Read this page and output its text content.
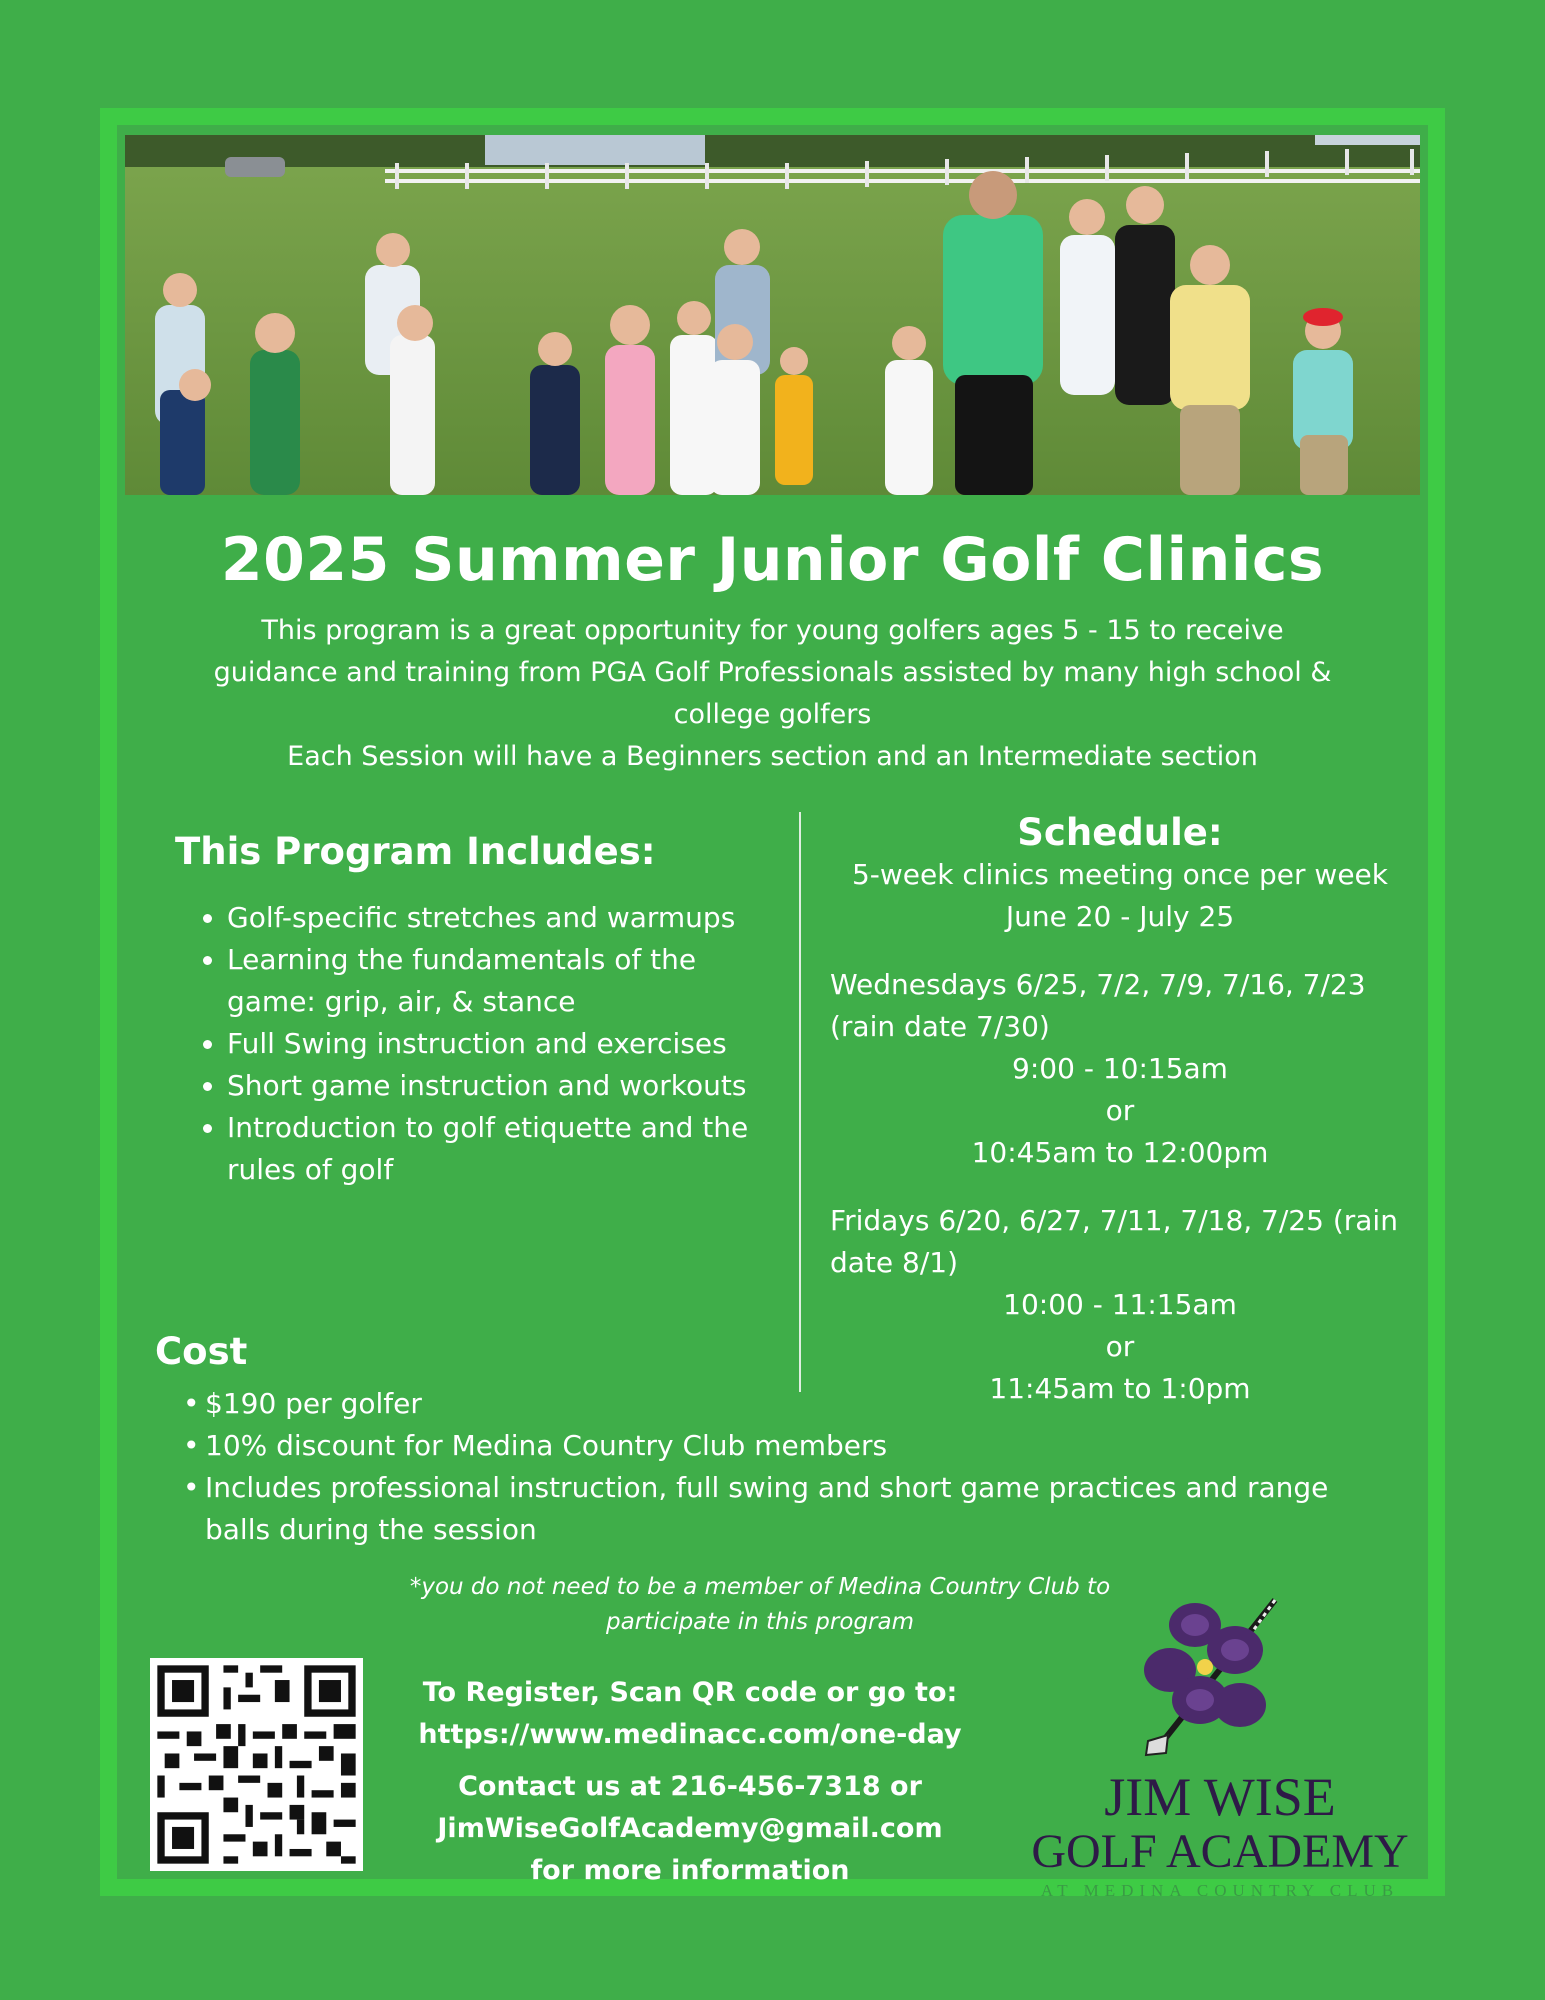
2025 Summer Junior Golf Clinics

This program is a great opportunity for young golfers ages 5 - 15 to receive

guidance and training from PGA Golf Professionals assisted by many high school &

college golfers

Each Session will have a Beginners section and an Intermediate section

This Program Includes:
• Golf-specific stretches and warmups
• Learning the fundamentals of the game: grip, air, & stance
• Full Swing instruction and exercises
• Short game instruction and workouts
• Introduction to golf etiquette and the rules of golf
Schedule:
5-week clinics meeting once per week
June 20 - July 25
Wednesdays 6/25, 7/2, 7/9, 7/16, 7/23 (rain date 7/30)
9:00 - 10:15am
or
10:45am to 12:00pm
Fridays 6/20, 6/27, 7/11, 7/18, 7/25 (rain date 8/1)
10:00 - 11:15am
or
11:45am to 1:0pm
Cost
• $190 per golfer
• 10% discount for Medina Country Club members
• Includes professional instruction, full swing and short game practices and range balls during the session
*you do not need to be a member of Medina Country Club to
participate in this program

To Register, Scan QR code or go to:

https://www.medinacc.com/one-day

Contact us at 216-456-7318 or

JimWiseGolfAcademy@gmail.com

for more information

JIM WISE
GOLF ACADEMY
AT MEDINA COUNTRY CLUB
